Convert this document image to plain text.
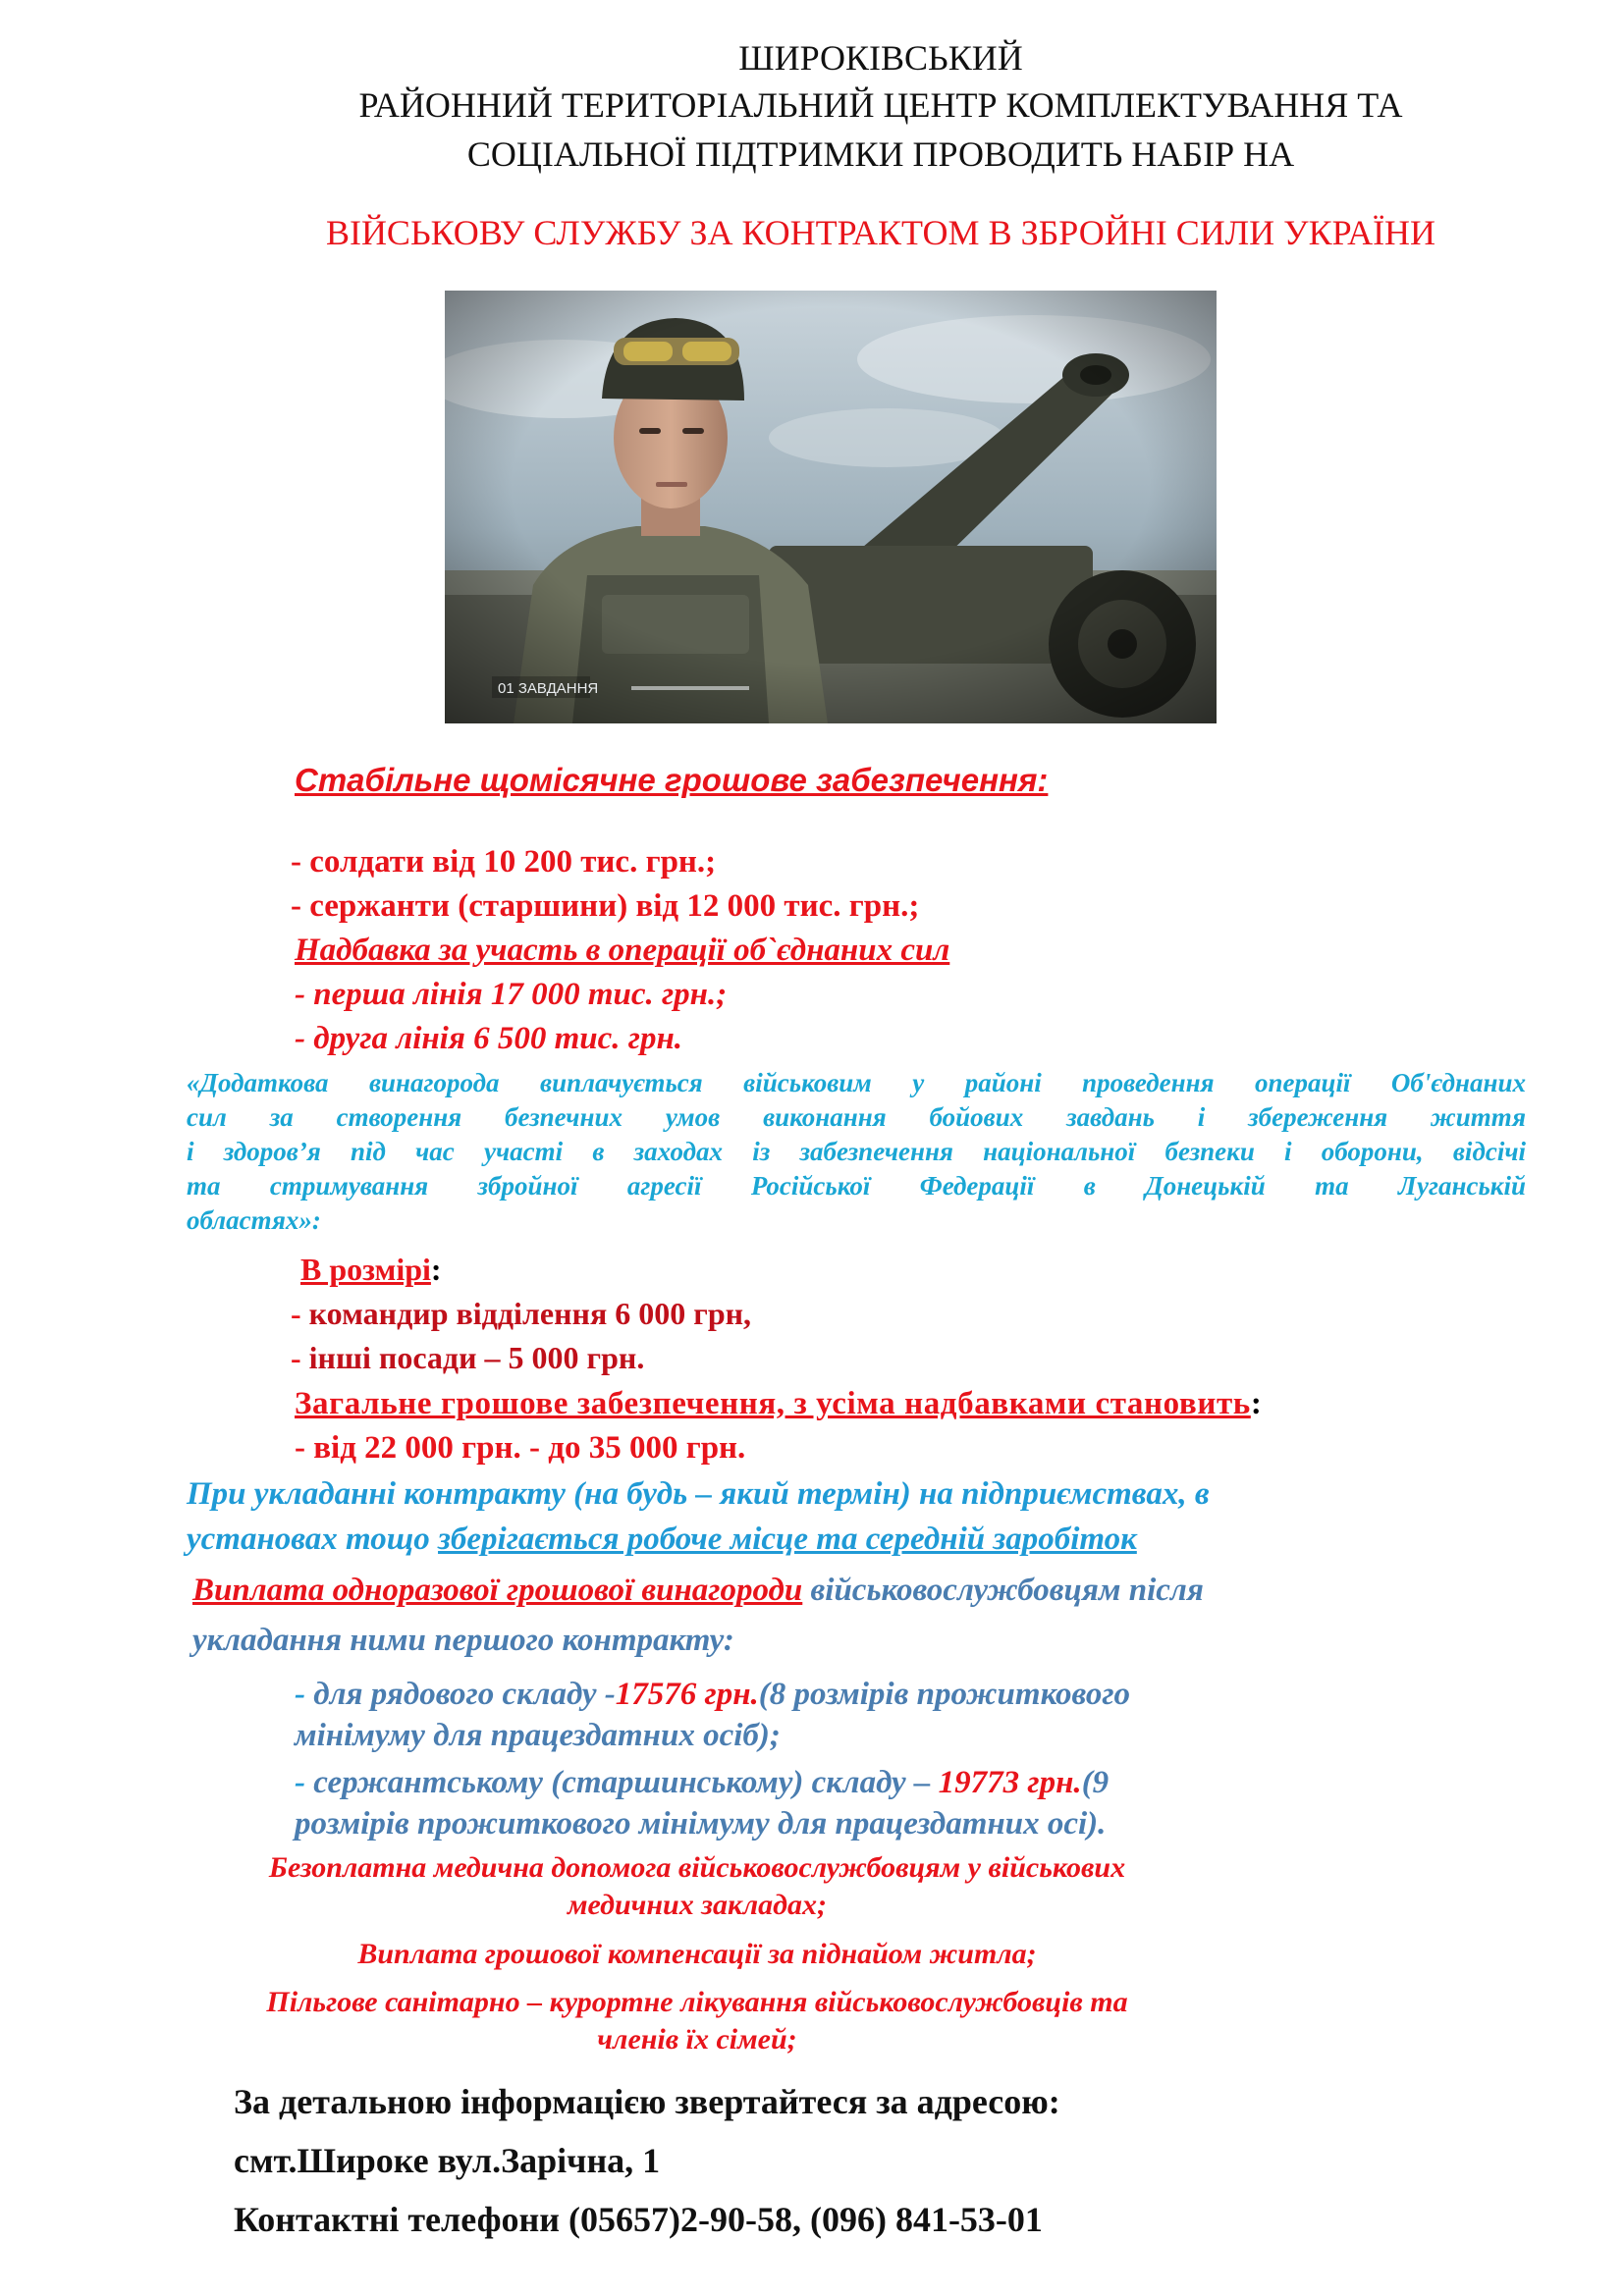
ШИРОКІВСЬКИЙ
РАЙОННИЙ ТЕРИТОРІАЛЬНИЙ ЦЕНТР КОМПЛЕКТУВАННЯ ТА
СОЦІАЛЬНОЇ ПІДТРИМКИ ПРОВОДИТЬ НАБІР НА
ВІЙСЬКОВУ СЛУЖБУ ЗА КОНТРАКТОМ В ЗБРОЙНІ СИЛИ УКРАЇНИ
01 ЗАВДАННЯ
Стабільне щомісячне грошове забезпечення:
- солдати від 10 200 тис. грн.;
- сержанти (старшини) від 12 000 тис. грн.;
Надбавка за участь в операції об`єднаних сил
- перша лінія 17 000 тис. грн.;
- друга лінія 6 500 тис. грн.
«Додаткова винагорода виплачується військовим у районі проведення операції Об'єднаних
сил за створення безпечних умов виконання бойових завдань і збереження життя
і здоров’я під час участі в заходах із забезпечення національної безпеки і оборони, відсічі
та стримування збройної агресії Російської Федерації в Донецькій та Луганській
областях»:
В розмірі:
- командир відділення 6 000 грн,
- інші посади – 5 000 грн.
Загальне грошове забезпечення, з усіма надбавками становить:
- від 22 000 грн. - до 35 000 грн.
При укладанні контракту (на будь – який термін) на підприємствах, в
установах тощо зберігається робоче місце та середній заробіток
Виплата одноразової грошової винагороди військовослужбовцям після
укладання ними першого контракту:
- для рядового складу -17576 грн.(8 розмірів прожиткового
мінімуму для працездатних осіб);
- сержантському (старшинському) складу – 19773 грн.(9
розмірів прожиткового мінімуму для працездатних осі).
Безоплатна медична допомога військовослужбовцям у військових
медичних закладах;
Виплата грошової компенсації за піднайом житла;
Пільгове санітарно – курортне лікування військовослужбовців та
членів їх сімей;
За детальною інформацією звертайтеся за адресою:
смт.Широке вул.Зарічна, 1
Контактні телефони (05657)2-90-58, (096) 841-53-01
